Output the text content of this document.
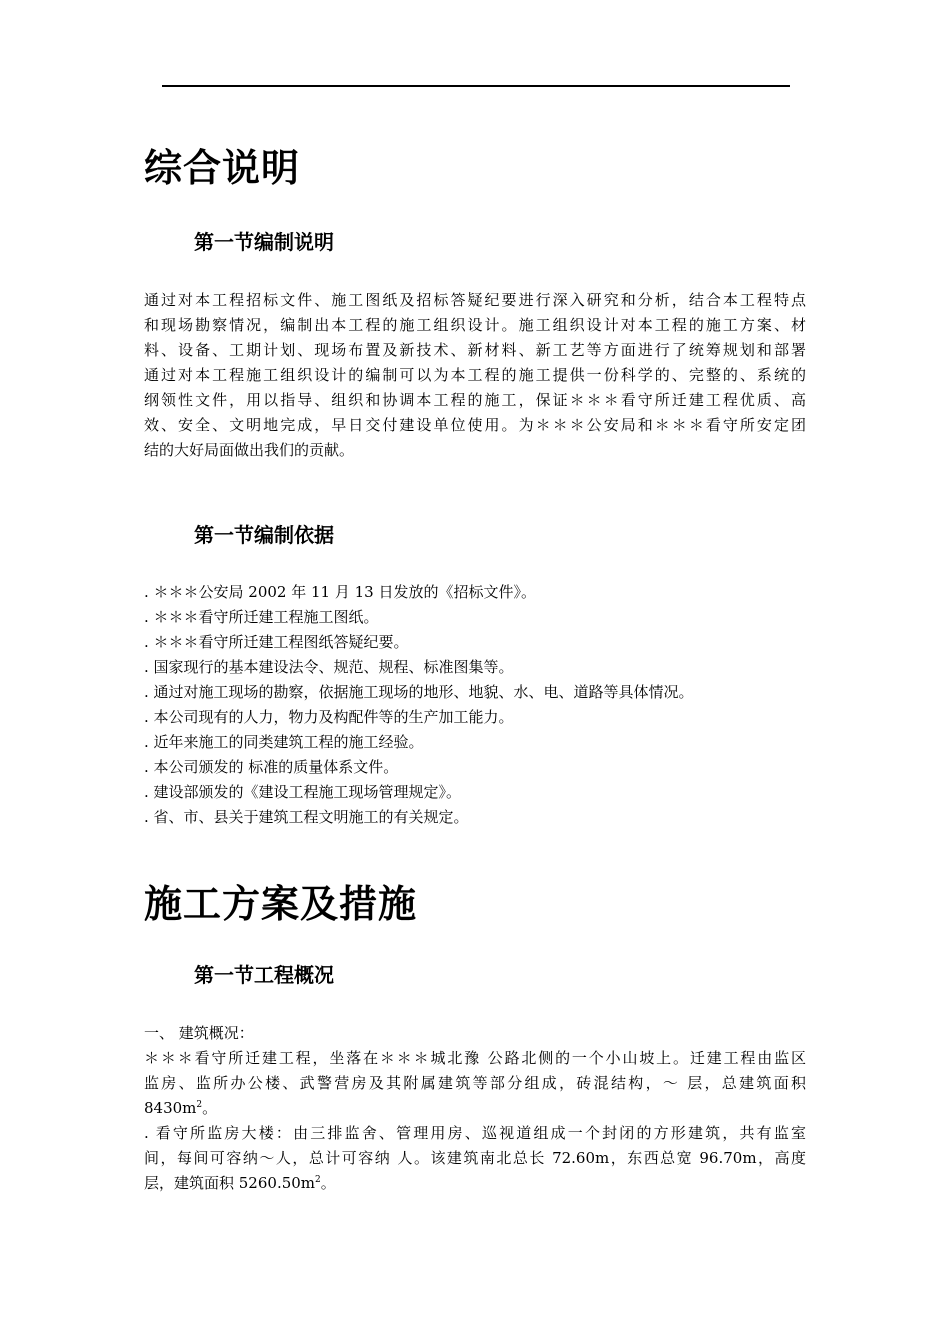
综合说明
第一节编制说明
通过对本工程招标文件、施工图纸及招标答疑纪要进行深入研究和分析，结合本工程特点
和现场勘察情况，编制出本工程的施工组织设计。施工组织设计对本工程的施工方案、材
料、设备、工期计划、现场布置及新技术、新材料、新工艺等方面进行了统筹规划和部署
通过对本工程施工组织设计的编制可以为本工程的施工提供一份科学的、完整的、系统的
纲领性文件，用以指导、组织和协调本工程的施工，保证＊＊＊看守所迁建工程优质、高
效、安全、文明地完成，早日交付建设单位使用。为＊＊＊公安局和＊＊＊看守所安定团
结的大好局面做出我们的贡献。
第一节编制依据
. ＊＊＊公安局 2002 年 11 月 13 日发放的《招标文件》。
. ＊＊＊看守所迁建工程施工图纸。
. ＊＊＊看守所迁建工程图纸答疑纪要。
. 国家现行的基本建设法令、规范、规程、标准图集等。
. 通过对施工现场的勘察，依据施工现场的地形、地貌、水、电、道路等具体情况。
. 本公司现有的人力，物力及构配件等的生产加工能力。
. 近年来施工的同类建筑工程的施工经验。
. 本公司颁发的 标准的质量体系文件。
. 建设部颁发的《建设工程施工现场管理规定》。
. 省、市、县关于建筑工程文明施工的有关规定。
施工方案及措施
第一节工程概况
一、 建筑概况：
＊＊＊看守所迁建工程，坐落在＊＊＊城北豫 公路北侧的一个小山坡上。迁建工程由监区
监房、监所办公楼、武警营房及其附属建筑等部分组成，砖混结构，～ 层，总建筑面积
$8430m^2$。
. 看守所监房大楼：由三排监舍、管理用房、巡视道组成一个封闭的方形建筑，共有监室
间，每间可容纳～人，总计可容纳 人。该建筑南北总长 72.60m，东西总宽 96.70m，高度
层，建筑面积 $5260.50m^2$。
